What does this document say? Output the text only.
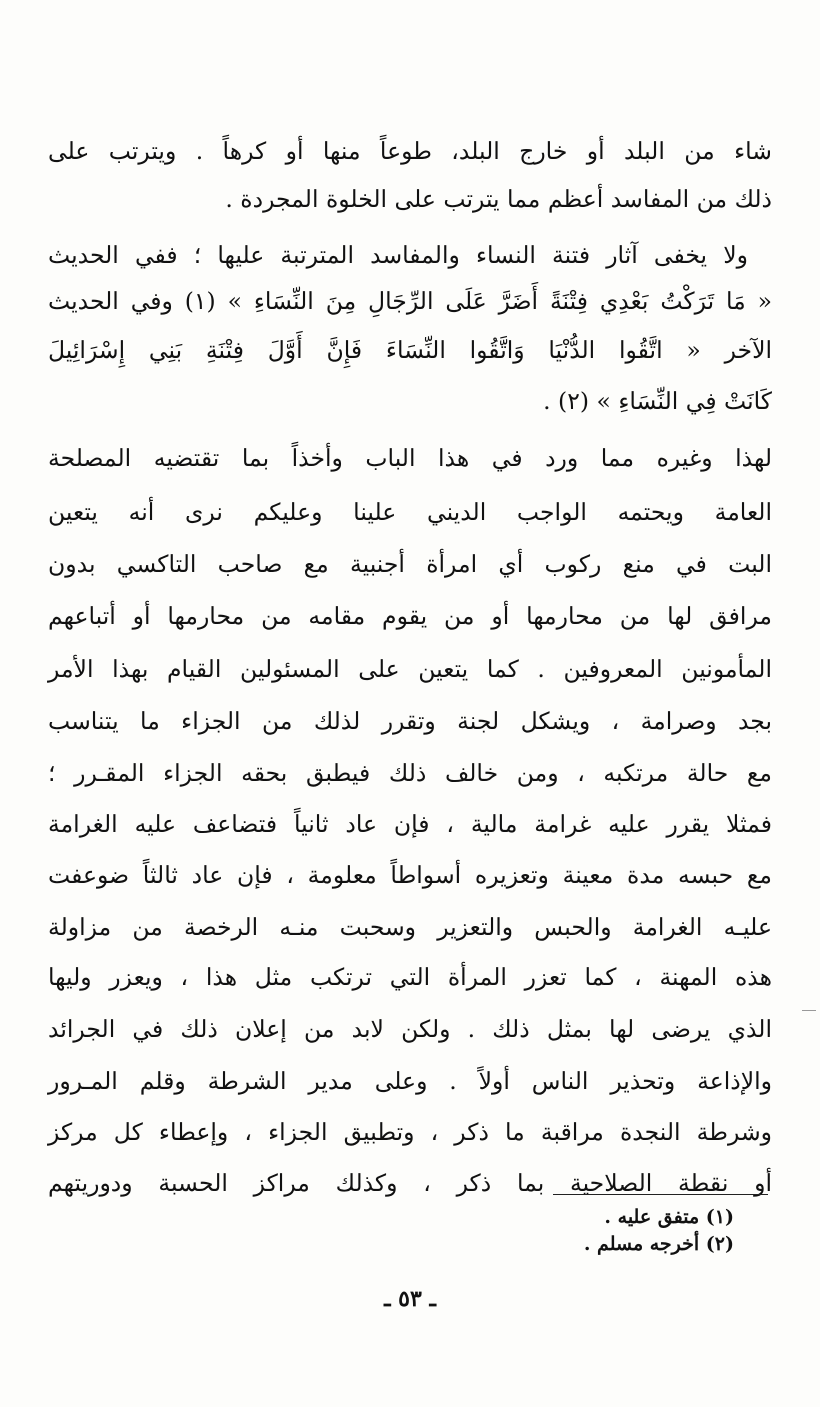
شاء من البلد أو خارج البلد، طوعاً منها أو كرهاً . ويترتب على
ذلك من المفاسد أعظم مما يترتب على الخلوة المجردة .
ولا يخفى آثار فتنة النساء والمفاسد المترتبة عليها ؛ ففي الحديث
« مَا تَرَكْتُ بَعْدِي فِتْنَةً أَضَرَّ عَلَى الرِّجَالِ مِنَ النِّسَاءِ » (١) وفي الحديث
الآخر « اتَّقُوا الدُّنْيَا وَاتَّقُوا النِّسَاءَ فَإِنَّ أَوَّلَ فِتْنَةِ بَنِي إِسْرَائِيلَ
كَانَتْ فِي النِّسَاءِ » (٢) .
لهذا وغيره مما ورد في هذا الباب وأخذاً بما تقتضيه المصلحة
العامة ويحتمه الواجب الديني علينا وعليكم نرى أنه يتعين
البت في منع ركوب أي امرأة أجنبية مع صاحب التاكسي بدون
مرافق لها من محارمها أو من يقوم مقامه من محارمها أو أتباعهم
المأمونين المعروفين . كما يتعين على المسئولين القيام بهذا الأمر
بجد وصرامة ، ويشكل لجنة وتقرر لذلك من الجزاء ما يتناسب
مع حالة مرتكبه ، ومن خالف ذلك فيطبق بحقه الجزاء المقـرر ؛
فمثلا يقرر عليه غرامة مالية ، فإن عاد ثانياً فتضاعف عليه الغرامة
مع حبسه مدة معينة وتعزيره أسواطاً معلومة ، فإن عاد ثالثاً ضوعفت
عليـه الغرامة والحبس والتعزير وسحبت منـه الرخصة من مزاولة
هذه المهنة ، كما تعزر المرأة التي ترتكب مثل هذا ، ويعزر وليها
الذي يرضى لها بمثل ذلك . ولكن لابد من إعلان ذلك في الجرائد
والإذاعة وتحذير الناس أولاً . وعلى مدير الشرطة وقلم المـرور
وشرطة النجدة مراقبة ما ذكر ، وتطبيق الجزاء ، وإعطاء كل مركز
أو نقطة الصلاحية بما ذكر ، وكذلك مراكز الحسبة ودوريتهم
(١) متفق عليه .
(٢) أخرجه مسلم .
ـ ٥٣ ـ
